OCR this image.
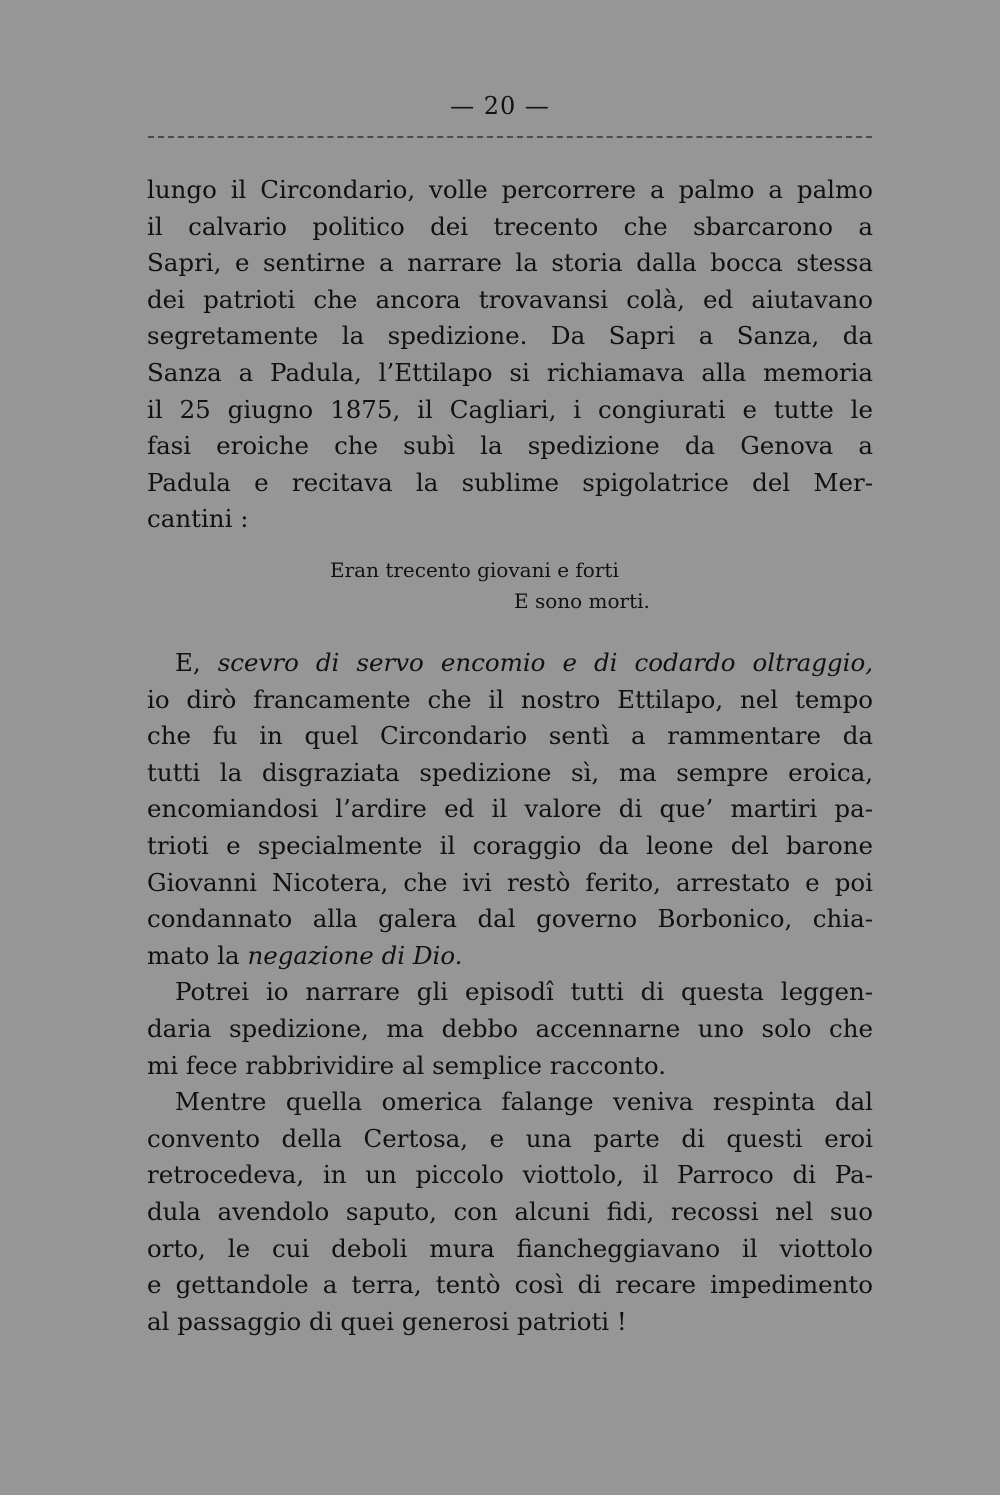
— 20 —
lungo il Circondario, volle percorrere a palmo a palmo
il calvario politico dei trecento che sbarcarono a
Sapri, e sentirne a narrare la storia dalla bocca stessa
dei patrioti che ancora trovavansi colà, ed aiutavano
segretamente la spedizione. Da Sapri a Sanza, da
Sanza a Padula, l’Ettilapo si richiamava alla memoria
il 25 giugno 1875, il Cagliari, i congiurati e tutte le
fasi eroiche che subì la spedizione da Genova a
Padula e recitava la sublime spigolatrice del Mer-
cantini :
Eran trecento giovani e forti
E sono morti.
E, scevro di servo encomio e di codardo oltraggio,
io dirò francamente che il nostro Ettilapo, nel tempo
che fu in quel Circondario sentì a rammentare da
tutti la disgraziata spedizione sì, ma sempre eroica,
encomiandosi l’ardire ed il valore di que’ martiri pa-
trioti e specialmente il coraggio da leone del barone
Giovanni Nicotera, che ivi restò ferito, arrestato e poi
condannato alla galera dal governo Borbonico, chia-
mato la negazione di Dio.
Potrei io narrare gli episodî tutti di questa leggen-
daria spedizione, ma debbo accennarne uno solo che
mi fece rabbrividire al semplice racconto.
Mentre quella omerica falange veniva respinta dal
convento della Certosa, e una parte di questi eroi
retrocedeva, in un piccolo viottolo, il Parroco di Pa-
dula avendolo saputo, con alcuni fidi, recossi nel suo
orto, le cui deboli mura fiancheggiavano il viottolo
e gettandole a terra, tentò così di recare impedimento
al passaggio di quei generosi patrioti !
